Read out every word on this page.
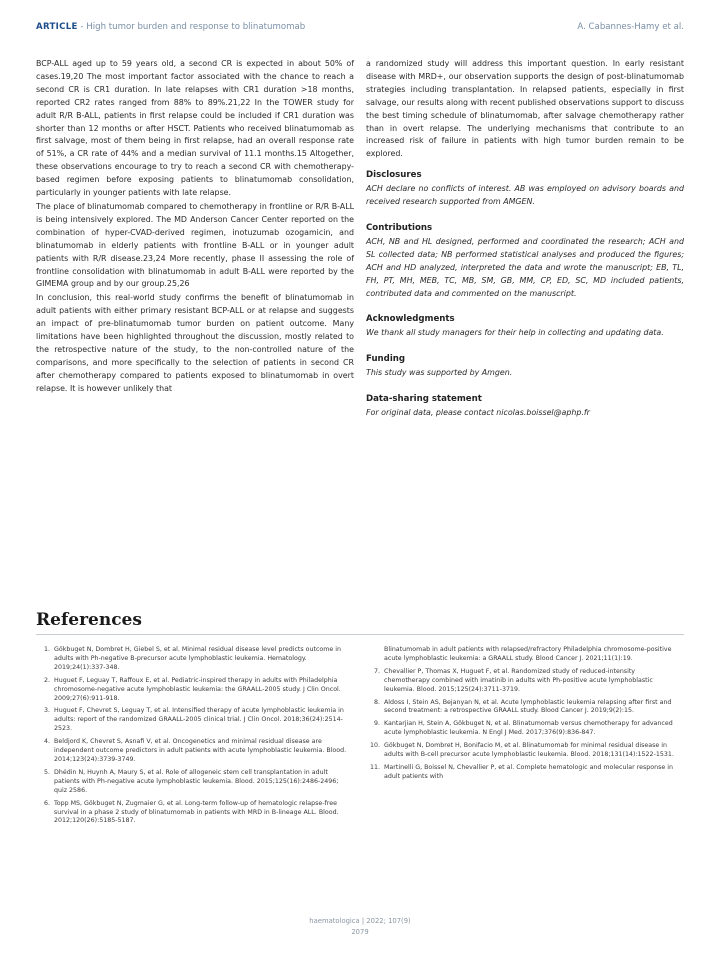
ARTICLE - High tumor burden and response to blinatumomab	A. Cabannes-Hamy et al.

BCP-ALL aged up to 59 years old, a second CR is expected in about 50% of cases.19,20 The most important factor associated with the chance to reach a second CR is CR1 duration. In late relapses with CR1 duration >18 months, reported CR2 rates ranged from 88% to 89%.21,22 In the TOWER study for adult R/R B-ALL, patients in first relapse could be included if CR1 duration was shorter than 12 months or after HSCT. Patients who received blinatumomab as first salvage, most of them being in first relapse, had an overall response rate of 51%, a CR rate of 44% and a median survival of 11.1 months.15 Altogether, these observations encourage to try to reach a second CR with chemotherapy-based regimen before exposing patients to blinatumomab consolidation, particularly in younger patients with late relapse.

The place of blinatumomab compared to chemotherapy in frontline or R/R B-ALL is being intensively explored. The MD Anderson Cancer Center reported on the combination of hyper-CVAD-derived regimen, inotuzumab ozogamicin, and blinatumomab in elderly patients with frontline B-ALL or in younger adult patients with R/R disease.23,24 More recently, phase II assessing the role of frontline consolidation with blinatumomab in adult B-ALL were reported by the GIMEMA group and by our group.25,26

In conclusion, this real-world study confirms the benefit of blinatumomab in adult patients with either primary resistant BCP-ALL or at relapse and suggests an impact of pre-blinatumomab tumor burden on patient outcome. Many limitations have been highlighted throughout the discussion, mostly related to the retrospective nature of the study, to the non-controlled nature of the comparisons, and more specifically to the selection of patients in second CR after chemotherapy compared to patients exposed to blinatumomab in overt relapse. It is however unlikely that

a randomized study will address this important question. In early resistant disease with MRD+, our observation supports the design of post-blinatumomab strategies including transplantation. In relapsed patients, especially in first salvage, our results along with recent published observations support to discuss the best timing schedule of blinatumomab, after salvage chemotherapy rather than in overt relapse. The underlying mechanisms that contribute to an increased risk of failure in patients with high tumor burden remain to be explored.

Disclosures

ACH declare no conflicts of interest. AB was employed on advisory boards and received research supported from AMGEN.

Contributions

ACH, NB and HL designed, performed and coordinated the research; ACH and SL collected data; NB performed statistical analyses and produced the figures; ACH and HD analyzed, interpreted the data and wrote the manuscript; EB, TL, FH, PT, MH, MEB, TC, MB, SM, GB, MM, CP, ED, SC, MD included patients, contributed data and commented on the manuscript.

Acknowledgments

We thank all study managers for their help in collecting and updating data.

Funding

This study was supported by Amgen.

Data-sharing statement

For original data, please contact nicolas.boissel@aphp.fr

References
1. Gökbuget N, Dombret H, Giebel S, et al. Minimal residual disease level predicts outcome in adults with Ph-negative B-precursor acute lymphoblastic leukemia. Hematology. 2019;24(1):337-348.
2. Huguet F, Leguay T, Raffoux E, et al. Pediatric-inspired therapy in adults with Philadelphia chromosome-negative acute lymphoblastic leukemia: the GRAALL-2005 study. J Clin Oncol. 2009;27(6):911-918.
3. Huguet F, Chevret S, Leguay T, et al. Intensified therapy of acute lymphoblastic leukemia in adults: report of the randomized GRAALL-2005 clinical trial. J Clin Oncol. 2018;36(24):2514-2523.
4. Beldjord K, Chevret S, Asnafi V, et al. Oncogenetics and minimal residual disease are independent outcome predictors in adult patients with acute lymphoblastic leukemia. Blood. 2014;123(24):3739-3749.
5. Dhédin N, Huynh A, Maury S, et al. Role of allogeneic stem cell transplantation in adult patients with Ph-negative acute lymphoblastic leukemia. Blood. 2015;125(16):2486-2496; quiz 2586.
6. Topp MS, Gökbuget N, Zugmaier G, et al. Long-term follow-up of hematologic relapse-free survival in a phase 2 study of blinatumomab in patients with MRD in B-lineage ALL. Blood. 2012;120(26):5185-5187.
Blinatumomab in adult patients with relapsed/refractory Philadelphia chromosome-positive acute lymphoblastic leukemia: a GRAALL study. Blood Cancer J. 2021;11(1):19.
7. Chevallier P, Thomas X, Huguet F, et al. Randomized study of reduced-intensity chemotherapy combined with imatinib in adults with Ph-positive acute lymphoblastic leukemia. Blood. 2015;125(24):3711-3719.
8. Aldoss I, Stein AS, Bejanyan N, et al. Acute lymphoblastic leukemia relapsing after first and second treatment: a retrospective GRAALL study. Blood Cancer J. 2019;9(2):15.
9. Kantarjian H, Stein A, Gökbuget N, et al. Blinatumomab versus chemotherapy for advanced acute lymphoblastic leukemia. N Engl J Med. 2017;376(9):836-847.
10. Gökbuget N, Dombret H, Bonifacio M, et al. Blinatumomab for minimal residual disease in adults with B-cell precursor acute lymphoblastic leukemia. Blood. 2018;131(14):1522-1531.
11. Martinelli G, Boissel N, Chevallier P, et al. Complete hematologic and molecular response in adult patients with
haematologica | 2022; 107(9)
2079
